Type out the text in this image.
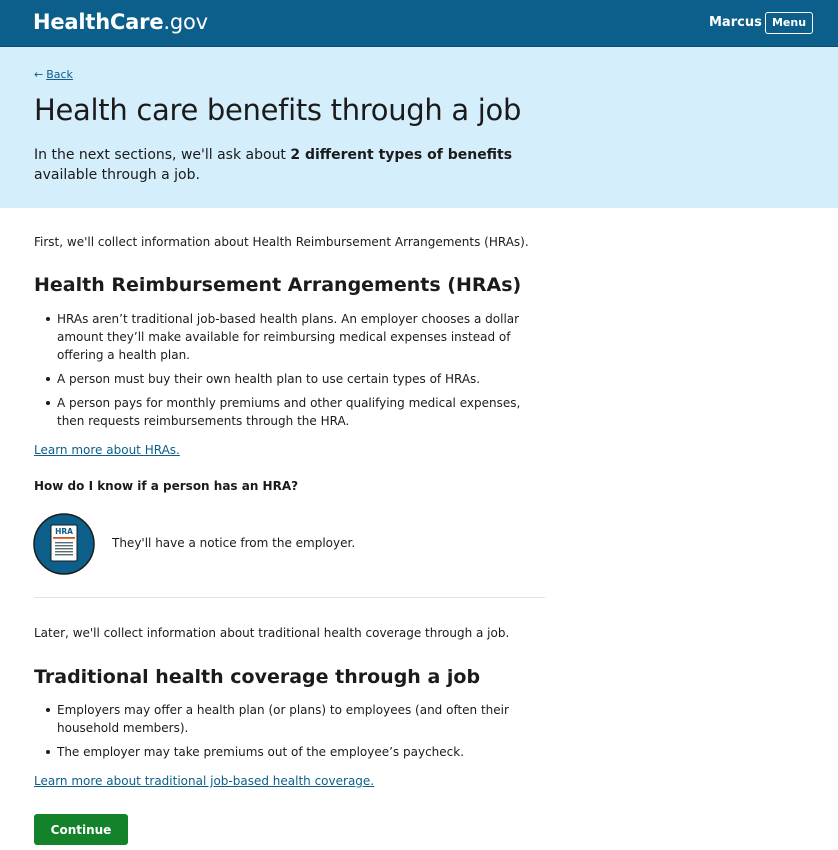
HealthCare.gov	Marcus Menu
← Back
Health care benefits through a job

In the next sections, we'll ask about 2 different types of benefits available through a job.

First, we'll collect information about Health Reimbursement Arrangements (HRAs).

Health Reimbursement Arrangements (HRAs)
HRAs aren’t traditional job-based health plans. An employer chooses a dollar amount they’ll make available for reimbursing medical expenses instead of offering a health plan.
A person must buy their own health plan to use certain types of HRAs.
A person pays for monthly premiums and other qualifying medical expenses, then requests reimbursements through the HRA.
Learn more about HRAs.

How do I know if a person has an HRA?

HRA

They'll have a notice from the employer.

Later, we'll collect information about traditional health coverage through a job.

Traditional health coverage through a job
Employers may offer a health plan (or plans) to employees (and often their household members).
The employer may take premiums out of the employee’s paycheck.
Learn more about traditional job-based health coverage.
Continue
